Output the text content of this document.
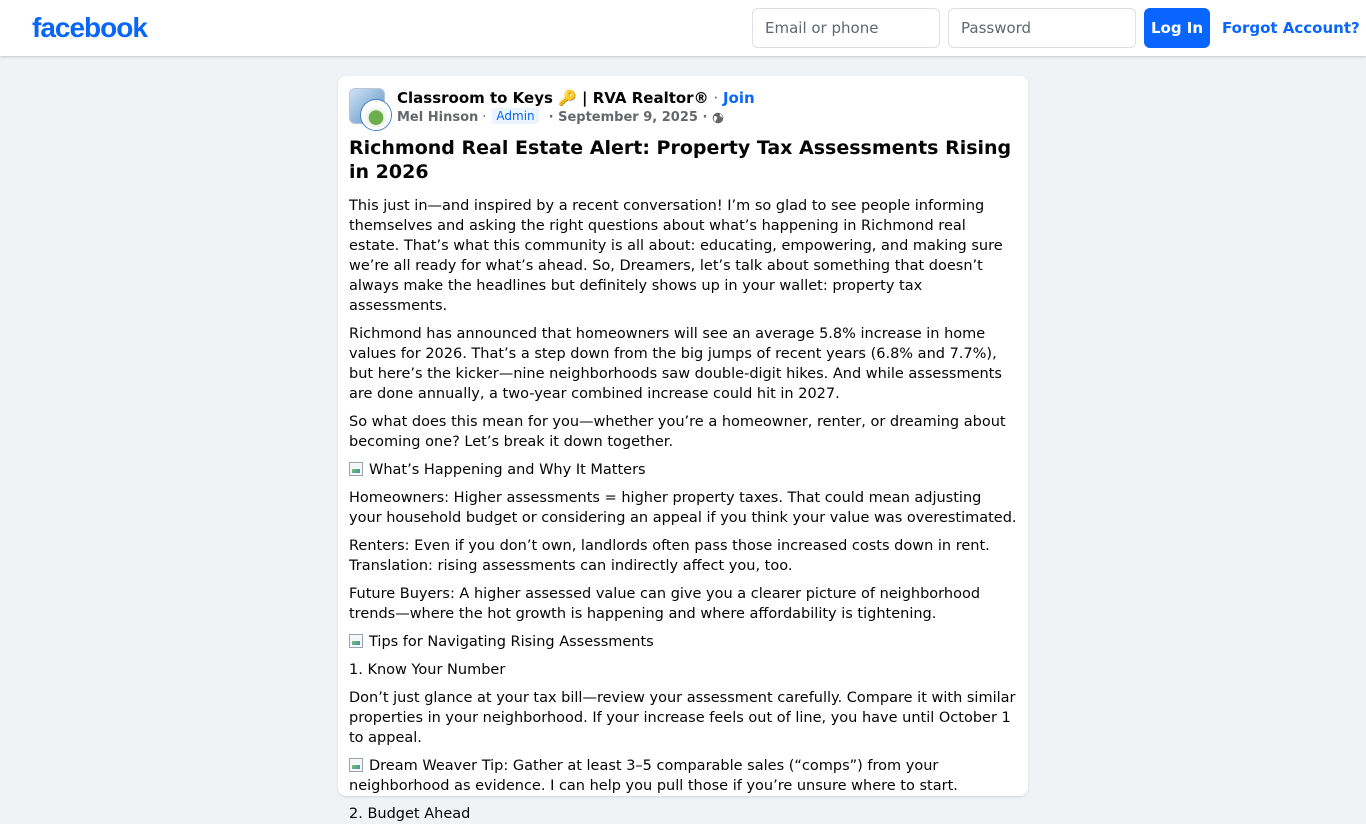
facebook
Email or phone	Log In	Forgot Account?
Classroom to Keys 🔑 | RVA Realtor® · Join
Mel Hinson · Admin	· September 9, 2025 ·
Richmond Real Estate Alert: Property Tax Assessments Rising in 2026

This just in—and inspired by a recent conversation! I’m so glad to see people informing themselves and asking the right questions about what’s happening in Richmond real estate. That’s what this community is all about: educating, empowering, and making sure we’re all ready for what’s ahead. So, Dreamers, let’s talk about something that doesn’t always make the headlines but definitely shows up in your wallet: property tax assessments.

Richmond has announced that homeowners will see an average 5.8% increase in home values for 2026. That’s a step down from the big jumps of recent years (6.8% and 7.7%), but here’s the kicker—nine neighborhoods saw double-digit hikes. And while assessments are done annually, a two-year combined increase could hit in 2027.

So what does this mean for you—whether you’re a homeowner, renter, or dreaming about becoming one? Let’s break it down together.

What’s Happening and Why It Matters

Homeowners: Higher assessments = higher property taxes. That could mean adjusting your household budget or considering an appeal if you think your value was overestimated.

Renters: Even if you don’t own, landlords often pass those increased costs down in rent. Translation: rising assessments can indirectly affect you, too.

Future Buyers: A higher assessed value can give you a clearer picture of neighborhood trends—where the hot growth is happening and where affordability is tightening.

Tips for Navigating Rising Assessments

1. Know Your Number

Don’t just glance at your tax bill—review your assessment carefully. Compare it with similar properties in your neighborhood. If your increase feels out of line, you have until October 1 to appeal.

Dream Weaver Tip: Gather at least 3–5 comparable sales (“comps”) from your neighborhood as evidence. I can help you pull those if you’re unsure where to start.

2. Budget Ahead
